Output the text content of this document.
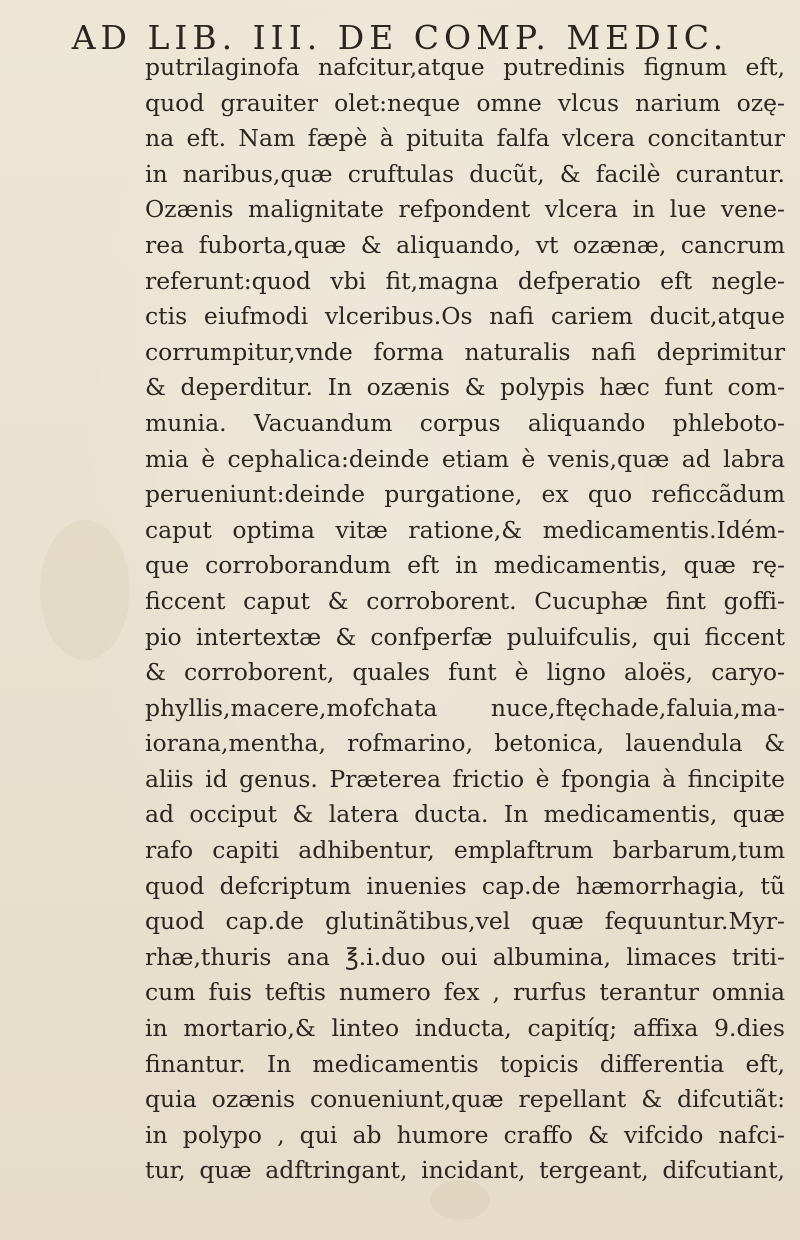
AD LIB. III. DE COMP. MEDIC.
putrilaginofa nafcitur,atque putredinis fignum eft,
quod grauiter olet:neque omne vlcus narium ozę-
na eft. Nam fæpè à pituita falfa vlcera concitantur
in naribus,quæ cruftulas ducũt, & facilè curantur.
Ozænis malignitate refpondent vlcera in lue vene-
rea fuborta,quæ & aliquando, vt ozænæ, cancrum
referunt:quod vbi fit,magna defperatio eft negle-
ctis eiufmodi vlceribus.Os nafi cariem ducit,atque
corrumpitur,vnde forma naturalis nafi deprimitur
& deperditur. In ozænis & polypis hæc funt com-
munia. Vacuandum corpus aliquando phleboto-
mia è cephalica:deinde etiam è venis,quæ ad labra
perueniunt:deinde purgatione, ex quo reficcãdum
caput optima vitæ ratione,& medicamentis.Idém-
que corroborandum eft in medicamentis, quæ rę-
ficcent caput & corroborent. Cucuphæ fint goffi-
pio intertextæ & confperfæ puluifculis, qui ficcent
& corroborent, quales funt è ligno aloës, caryo-
phyllis,macere,mofchata nuce,ftęchade,faluia,ma-
iorana,mentha, rofmarino, betonica, lauendula &
aliis id genus. Præterea frictio è fpongia à fincipite
ad occiput & latera ducta. In medicamentis, quæ
rafo capiti adhibentur, emplaftrum barbarum,tum
quod defcriptum inuenies cap.de hæmorrhagia, tũ
quod cap.de glutinãtibus,vel quæ fequuntur.Myr-
rhæ,thuris ana ℥.i.duo oui albumina, limaces triti-
cum fuis teftis numero fex , rurfus terantur omnia
in mortario,& linteo inducta, capitíq; affixa 9.dies
finantur. In medicamentis topicis differentia eft,
quia ozænis conueniunt,quæ repellant & difcutiãt:
in polypo , qui ab humore craffo & vifcido nafci-
tur, quæ adftringant, incidant, tergeant, difcutiant,
